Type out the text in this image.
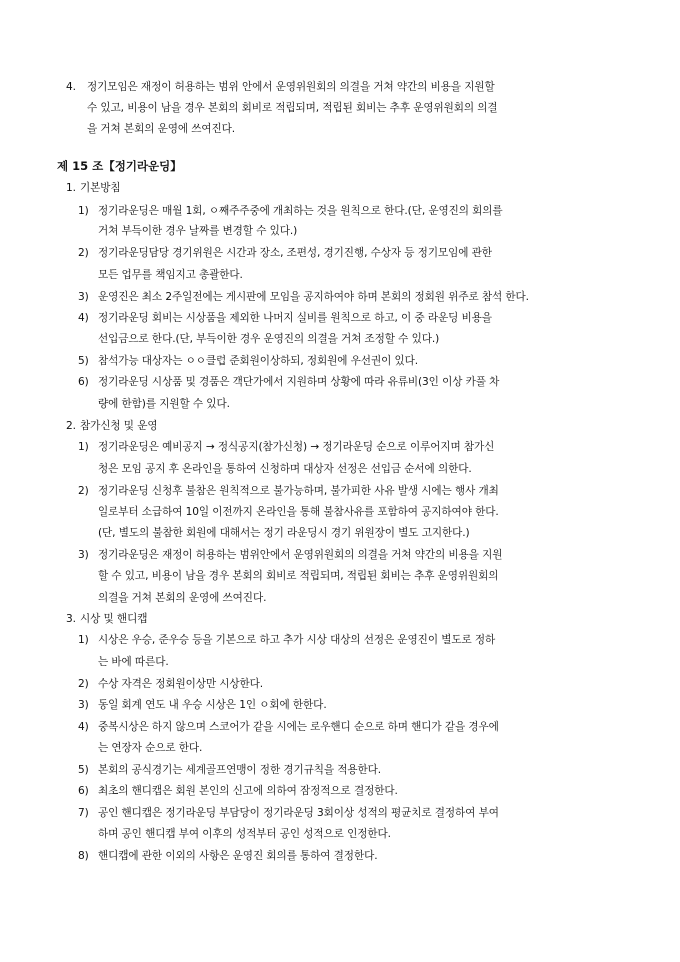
4. 정기모임은 재정이 허용하는 범위 안에서 운영위원회의 의결을 거쳐 약간의 비용을 지원할
수 있고, 비용이 남을 경우 본회의 회비로 적립되며, 적립된 회비는 추후 운영위원회의 의결
을 거쳐 본회의 운영에 쓰여진다.
제 15 조【정기라운딩】
1. 기본방침
1) 정기라운딩은 매월 1회, ㅇ째주주중에 개최하는 것을 원칙으로 한다.(단, 운영진의 회의를
거쳐 부득이한 경우 날짜를 변경할 수 있다.)
2) 정기라운딩담당 경기위원은 시간과 장소, 조편성, 경기진행, 수상자 등 정기모임에 관한
모든 업무를 책임지고 총괄한다.
3) 운영진은 최소 2주일전에는 게시판에 모임을 공지하여야 하며 본회의 정회원 위주로 참석 한다.
4) 정기라운딩 회비는 시상품을 제외한 나머지 실비를 원칙으로 하고, 이 중 라운딩 비용을
선입금으로 한다.(단, 부득이한 경우 운영진의 의결을 거쳐 조정할 수 있다.)
5) 참석가능 대상자는 ㅇㅇ클럽 준회원이상하되, 정회원에 우선권이 있다.
6) 정기라운딩 시상품 및 경품은 객단가에서 지원하며 상황에 따라 유류비(3인 이상 카풀 차
량에 한함)를 지원할 수 있다.
2. 참가신청 및 운영
1) 정기라운딩은 예비공지 → 정식공지(참가신청) → 정기라운딩 순으로 이루어지며 참가신
청은 모임 공지 후 온라인을 통하여 신청하며 대상자 선정은 선입금 순서에 의한다.
2) 정기라운딩 신청후 불참은 원칙적으로 불가능하며, 불가피한 사유 발생 시에는 행사 개최
일로부터 소급하여 10일 이전까지 온라인을 통해 불참사유를 포함하여 공지하여야 한다.
(단, 별도의 불참한 회원에 대해서는 정기 라운딩시 경기 위원장이 별도 고지한다.)
3) 정기라운딩은 재정이 허용하는 범위안에서 운영위원회의 의결을 거쳐 약간의 비용을 지원
할 수 있고, 비용이 남을 경우 본회의 회비로 적립되며, 적립된 회비는 추후 운영위원회의
의결을 거쳐 본회의 운영에 쓰여진다.
3. 시상 및 핸디캡
1) 시상은 우승, 준우승 등을 기본으로 하고 추가 시상 대상의 선정은 운영진이 별도로 정하
는 바에 따른다.
2) 수상 자격은 정회원이상만 시상한다.
3) 동일 회계 연도 내 우승 시상은 1인 ㅇ회에 한한다.
4) 중복시상은 하지 않으며 스코어가 같을 시에는 로우핸디 순으로 하며 핸디가 같을 경우에
는 연장자 순으로 한다.
5) 본회의 공식경기는 세계골프연맹이 정한 경기규칙을 적용한다.
6) 최초의 핸디캡은 회원 본인의 신고에 의하여 잠정적으로 결정한다.
7) 공인 핸디캡은 정기라운딩 부담당이 정기라운딩 3회이상 성적의 평균치로 결정하여 부여
하며 공인 핸디캡 부여 이후의 성적부터 공인 성적으로 인정한다.
8) 핸디캡에 관한 이외의 사항은 운영진 회의를 통하여 결정한다.
